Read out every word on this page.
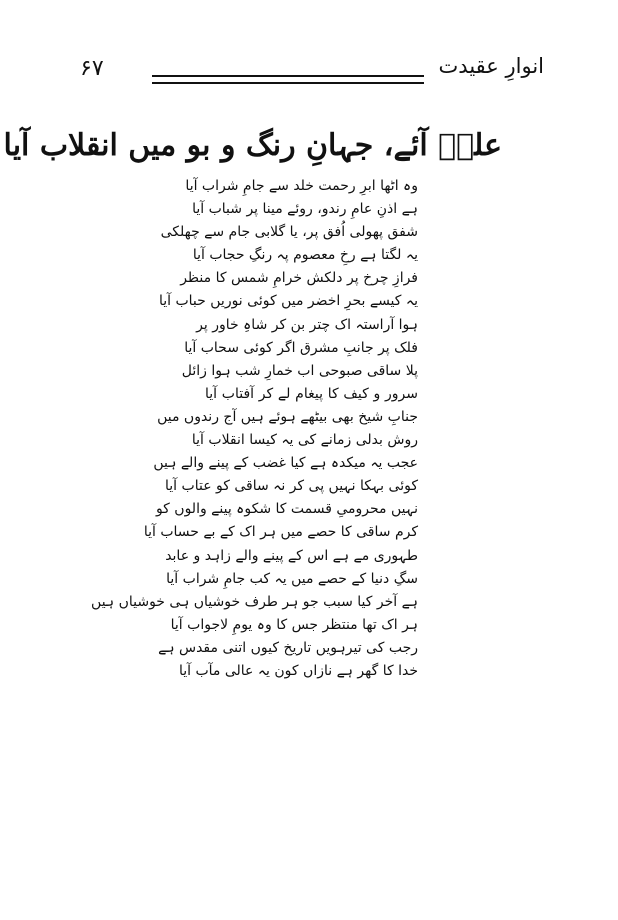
۶۷	انوارِ عقیدت
علیؑ آئے، جہانِ رنگ و بو میں انقلاب آیا
وہ اٹھا ابرِ رحمت خلد سے جامِ شراب آیا
ہے اذنِ عامِ رندو، روئے مینا پر شباب آیا
شفق پھولی اُفق پر، یا گلابی جام سے چھلکی
یہ لگتا ہے رخِ معصوم پہ رنگِ حجاب آیا
فرازِ چرخ پر دلکش خرامِ شمس کا منظر
یہ کیسے بحرِ اخضر میں کوئی نوریں حباب آیا
ہوا آراستہ اک چتر بن کر شاہِ خاور پر
فلک پر جانبِ مشرق اگر کوئی سحاب آیا
پلا ساقی صبوحی اب خمارِ شب ہوا زائل
سرور و کیف کا پیغام لے کر آفتاب آیا
جنابِ شیخ بھی بیٹھے ہوئے ہیں آج رندوں میں
روش بدلی زمانے کی یہ کیسا انقلاب آیا
عجب یہ میکدہ ہے کیا غضب کے پینے والے ہیں
کوئی بہکا نہیں پی کر نہ ساقی کو عتاب آیا
نہیں محرومیِ قسمت کا شکوہ پینے والوں کو
کرم ساقی کا حصے میں ہر اک کے بے حساب آیا
طہوری مے ہے اس کے پینے والے زاہد و عابد
سگِ دنیا کے حصے میں یہ کب جامِ شراب آیا
ہے آخر کیا سبب جو ہر طرف خوشیاں ہی خوشیاں ہیں
ہر اک تھا منتظر جس کا وہ یومِ لاجواب آیا
رجب کی تیرہویں تاریخ کیوں اتنی مقدس ہے
خدا کا گھر ہے نازاں کون یہ عالی مآب آیا
